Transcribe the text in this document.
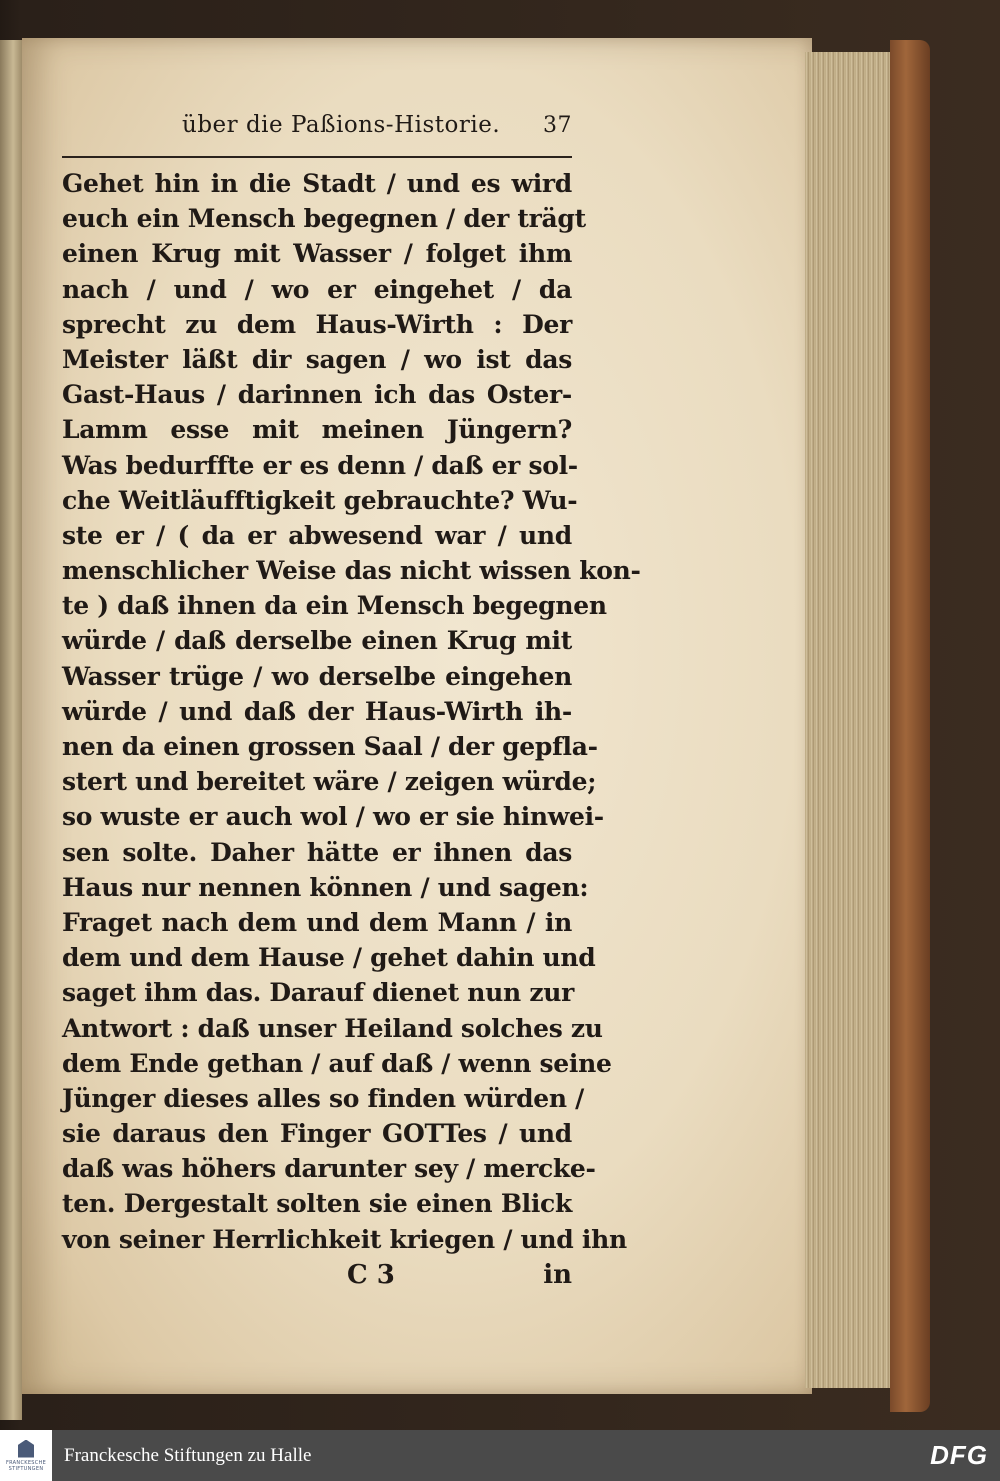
über die Paßions-Historie. 37
Gehet hin in die Stadt / und es wird
euch ein Mensch begegnen / der trägt
einen Krug mit Wasser / folget ihm
nach / und / wo er eingehet / da
sprecht zu dem Haus-Wirth : Der
Meister läßt dir sagen / wo ist das
Gast-Haus / darinnen ich das Oster-
Lamm esse mit meinen Jüngern?
Was bedurffte er es denn / daß er sol-
che Weitläufftigkeit gebrauchte? Wu-
ste er / ( da er abwesend war / und
menschlicher Weise das nicht wissen kon-
te ) daß ihnen da ein Mensch begegnen
würde / daß derselbe einen Krug mit
Wasser trüge / wo derselbe eingehen
würde / und daß der Haus-Wirth ih-
nen da einen grossen Saal / der gepfla-
stert und bereitet wäre / zeigen würde;
so wuste er auch wol / wo er sie hinwei-
sen solte. Daher hätte er ihnen das
Haus nur nennen können / und sagen:
Fraget nach dem und dem Mann / in
dem und dem Hause / gehet dahin und
saget ihm das. Darauf dienet nun zur
Antwort : daß unser Heiland solches zu
dem Ende gethan / auf daß / wenn seine
Jünger dieses alles so finden würden /
sie daraus den Finger GOTTes / und
daß was höhers darunter sey / mercke-
ten. Dergestalt solten sie einen Blick
von seiner Herrlichkeit kriegen / und ihn
C 3	in
FRANCKESCHE STIFTUNGEN
Franckesche Stiftungen zu Halle	DFG
